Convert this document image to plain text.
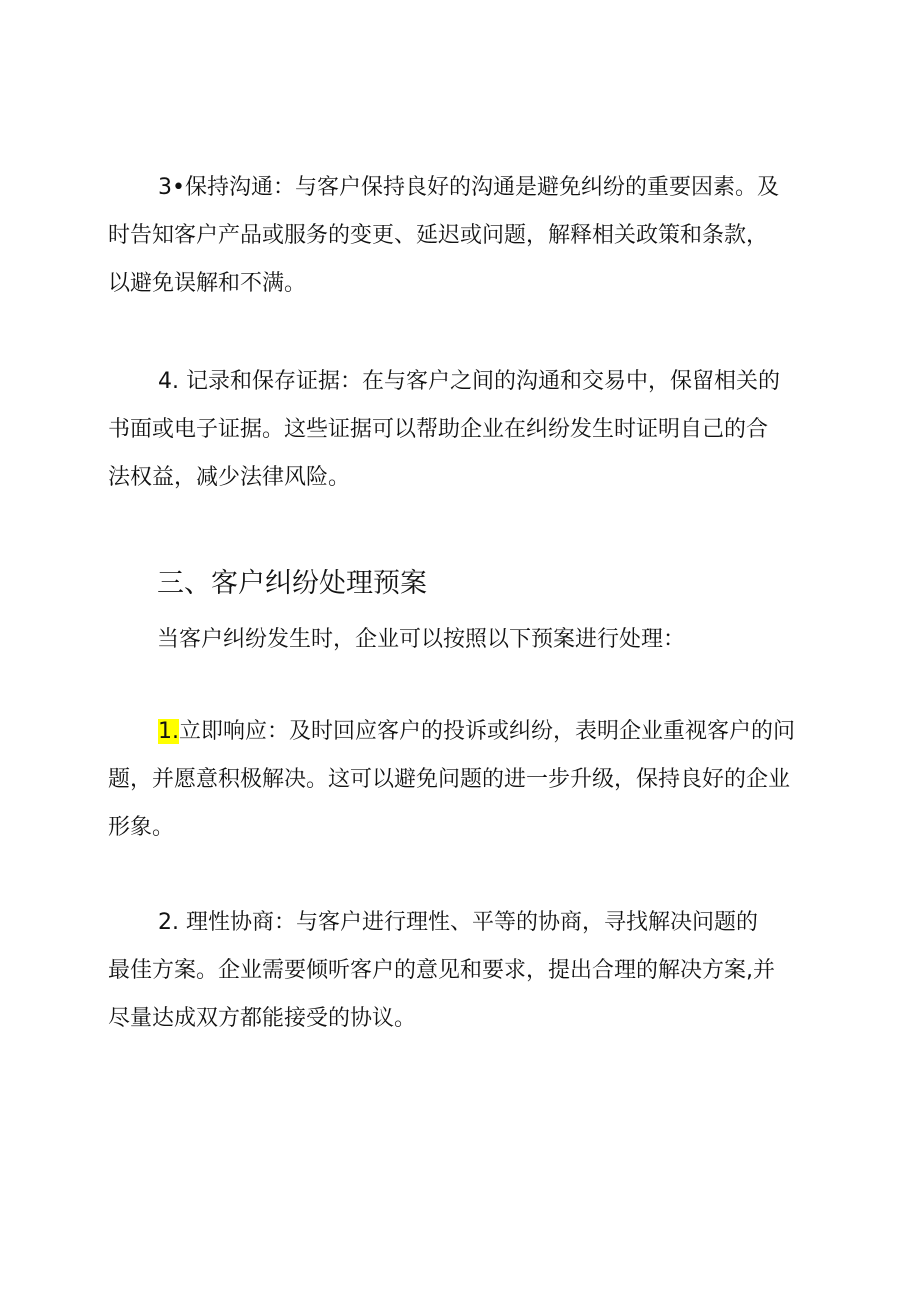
3•保持沟通：与客户保持良好的沟通是避免纠纷的重要因素。及
时告知客户产品或服务的变更、延迟或问题，解释相关政策和条款，
以避免误解和不满。

4. 记录和保存证据：在与客户之间的沟通和交易中，保留相关的
书面或电子证据。这些证据可以帮助企业在纠纷发生时证明自己的合
法权益，减少法律风险。

三、客户纠纷处理预案

当客户纠纷发生时，企业可以按照以下预案进行处理：

1.立即响应：及时回应客户的投诉或纠纷，表明企业重视客户的问
题，并愿意积极解决。这可以避免问题的进一步升级，保持良好的企业
形象。

2. 理性协商：与客户进行理性、平等的协商，寻找解决问题的
最佳方案。企业需要倾听客户的意见和要求，提出合理的解决方案,并
尽量达成双方都能接受的协议。
